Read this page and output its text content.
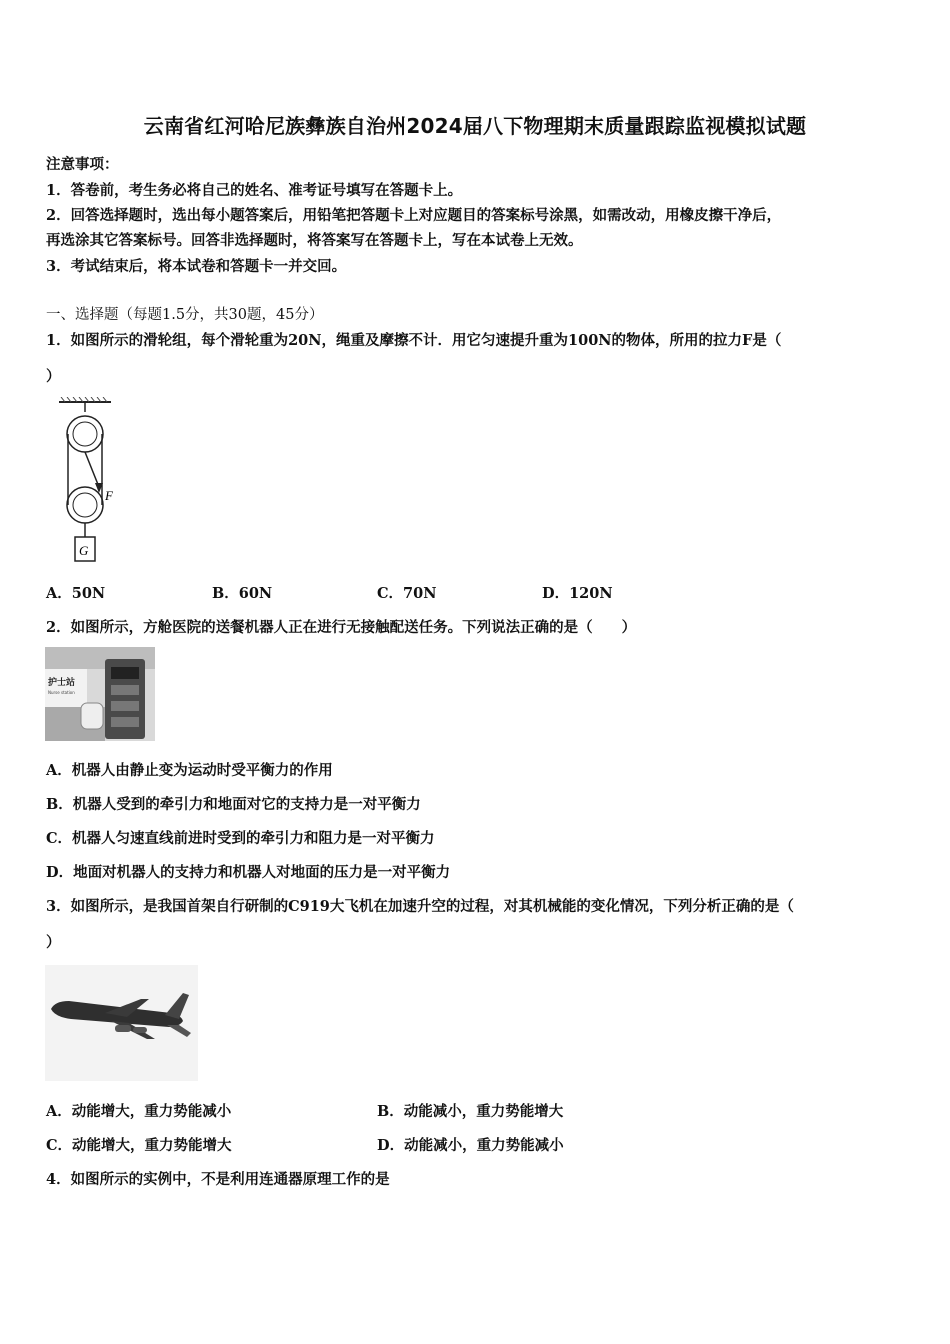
云南省红河哈尼族彝族自治州2024届八下物理期末质量跟踪监视模拟试题
注意事项：
1．答卷前，考生务必将自己的姓名、准考证号填写在答题卡上。
2．回答选择题时，选出每小题答案后，用铅笔把答题卡上对应题目的答案标号涂黑，如需改动，用橡皮擦干净后，
再选涂其它答案标号。回答非选择题时，将答案写在答题卡上，写在本试卷上无效。
3．考试结束后，将本试卷和答题卡一并交回。
一、选择题（每题1.5分，共30题，45分）
1．如图所示的滑轮组，每个滑轮重为20N，绳重及摩擦不计．用它匀速提升重为100N的物体，所用的拉力F是（
）
F
G
A．50N	B．60N	C．70N	D．120N
2．如图所示，方舱医院的送餐机器人正在进行无接触配送任务。下列说法正确的是（　　）
护士站
Nurse station
A．机器人由静止变为运动时受平衡力的作用
B．机器人受到的牵引力和地面对它的支持力是一对平衡力
C．机器人匀速直线前进时受到的牵引力和阻力是一对平衡力
D．地面对机器人的支持力和机器人对地面的压力是一对平衡力
3．如图所示，是我国首架自行研制的C919大飞机在加速升空的过程，对其机械能的变化情况，下列分析正确的是（
）
A．动能增大，重力势能减小	B．动能减小，重力势能增大
C．动能增大，重力势能增大	D．动能减小，重力势能减小
4．如图所示的实例中，不是利用连通器原理工作的是
